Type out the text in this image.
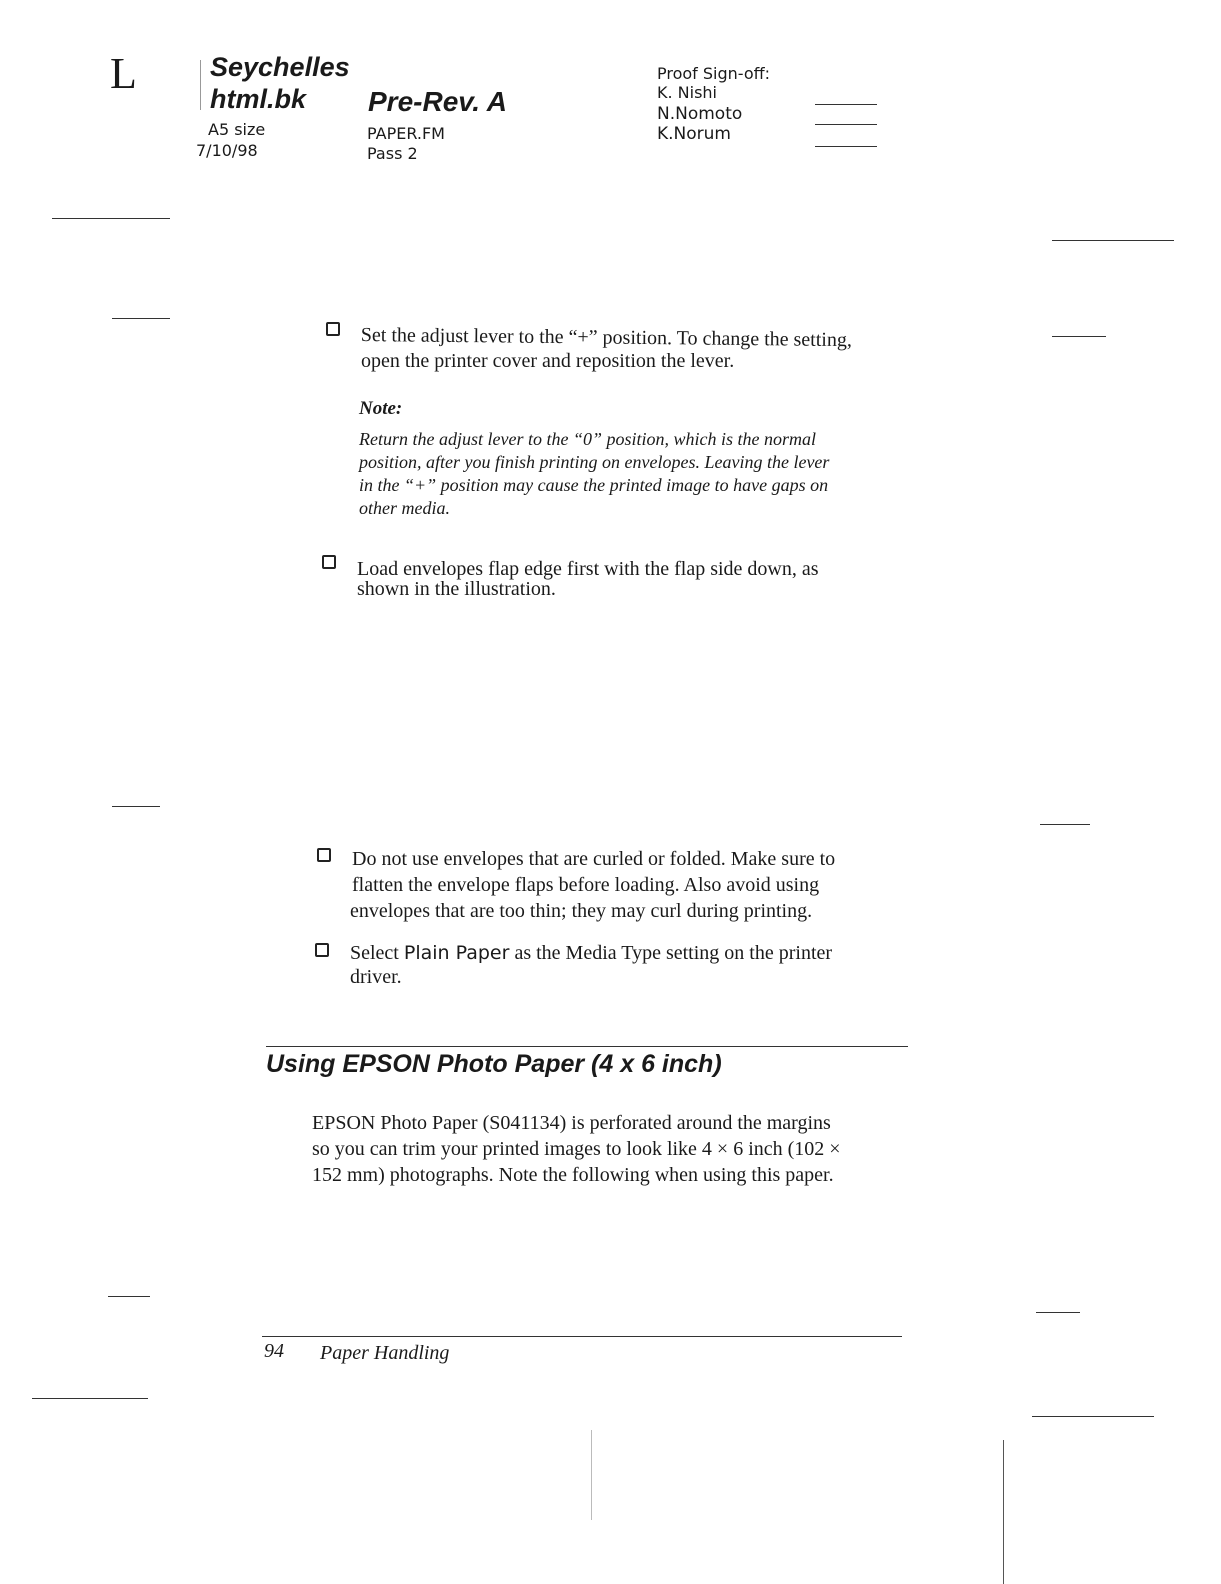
L	Seychelles
html.bk Pre-Rev. A
A5 size
7/10/98
PAPER.FM
Pass 2
Proof Sign-off:
K. Nishi
N.Nomoto
K.Norum
Set the adjust lever to the “+” position. To change the setting,
open the printer cover and reposition the lever.
Note:
Return the adjust lever to the “0” position, which is the normal
position, after you finish printing on envelopes. Leaving the lever
in the “+” position may cause the printed image to have gaps on
other media.
Load envelopes flap edge first with the flap side down, as
shown in the illustration.
Do not use envelopes that are curled or folded. Make sure to
flatten the envelope flaps before loading. Also avoid using
envelopes that are too thin; they may curl during printing.
Select Plain Paper as the Media Type setting on the printer
driver.
Using EPSON Photo Paper (4 x 6 inch)
EPSON Photo Paper (S041134) is perforated around the margins
so you can trim your printed images to look like 4 × 6 inch (102 ×
152 mm) photographs. Note the following when using this paper.
94 Paper Handling
